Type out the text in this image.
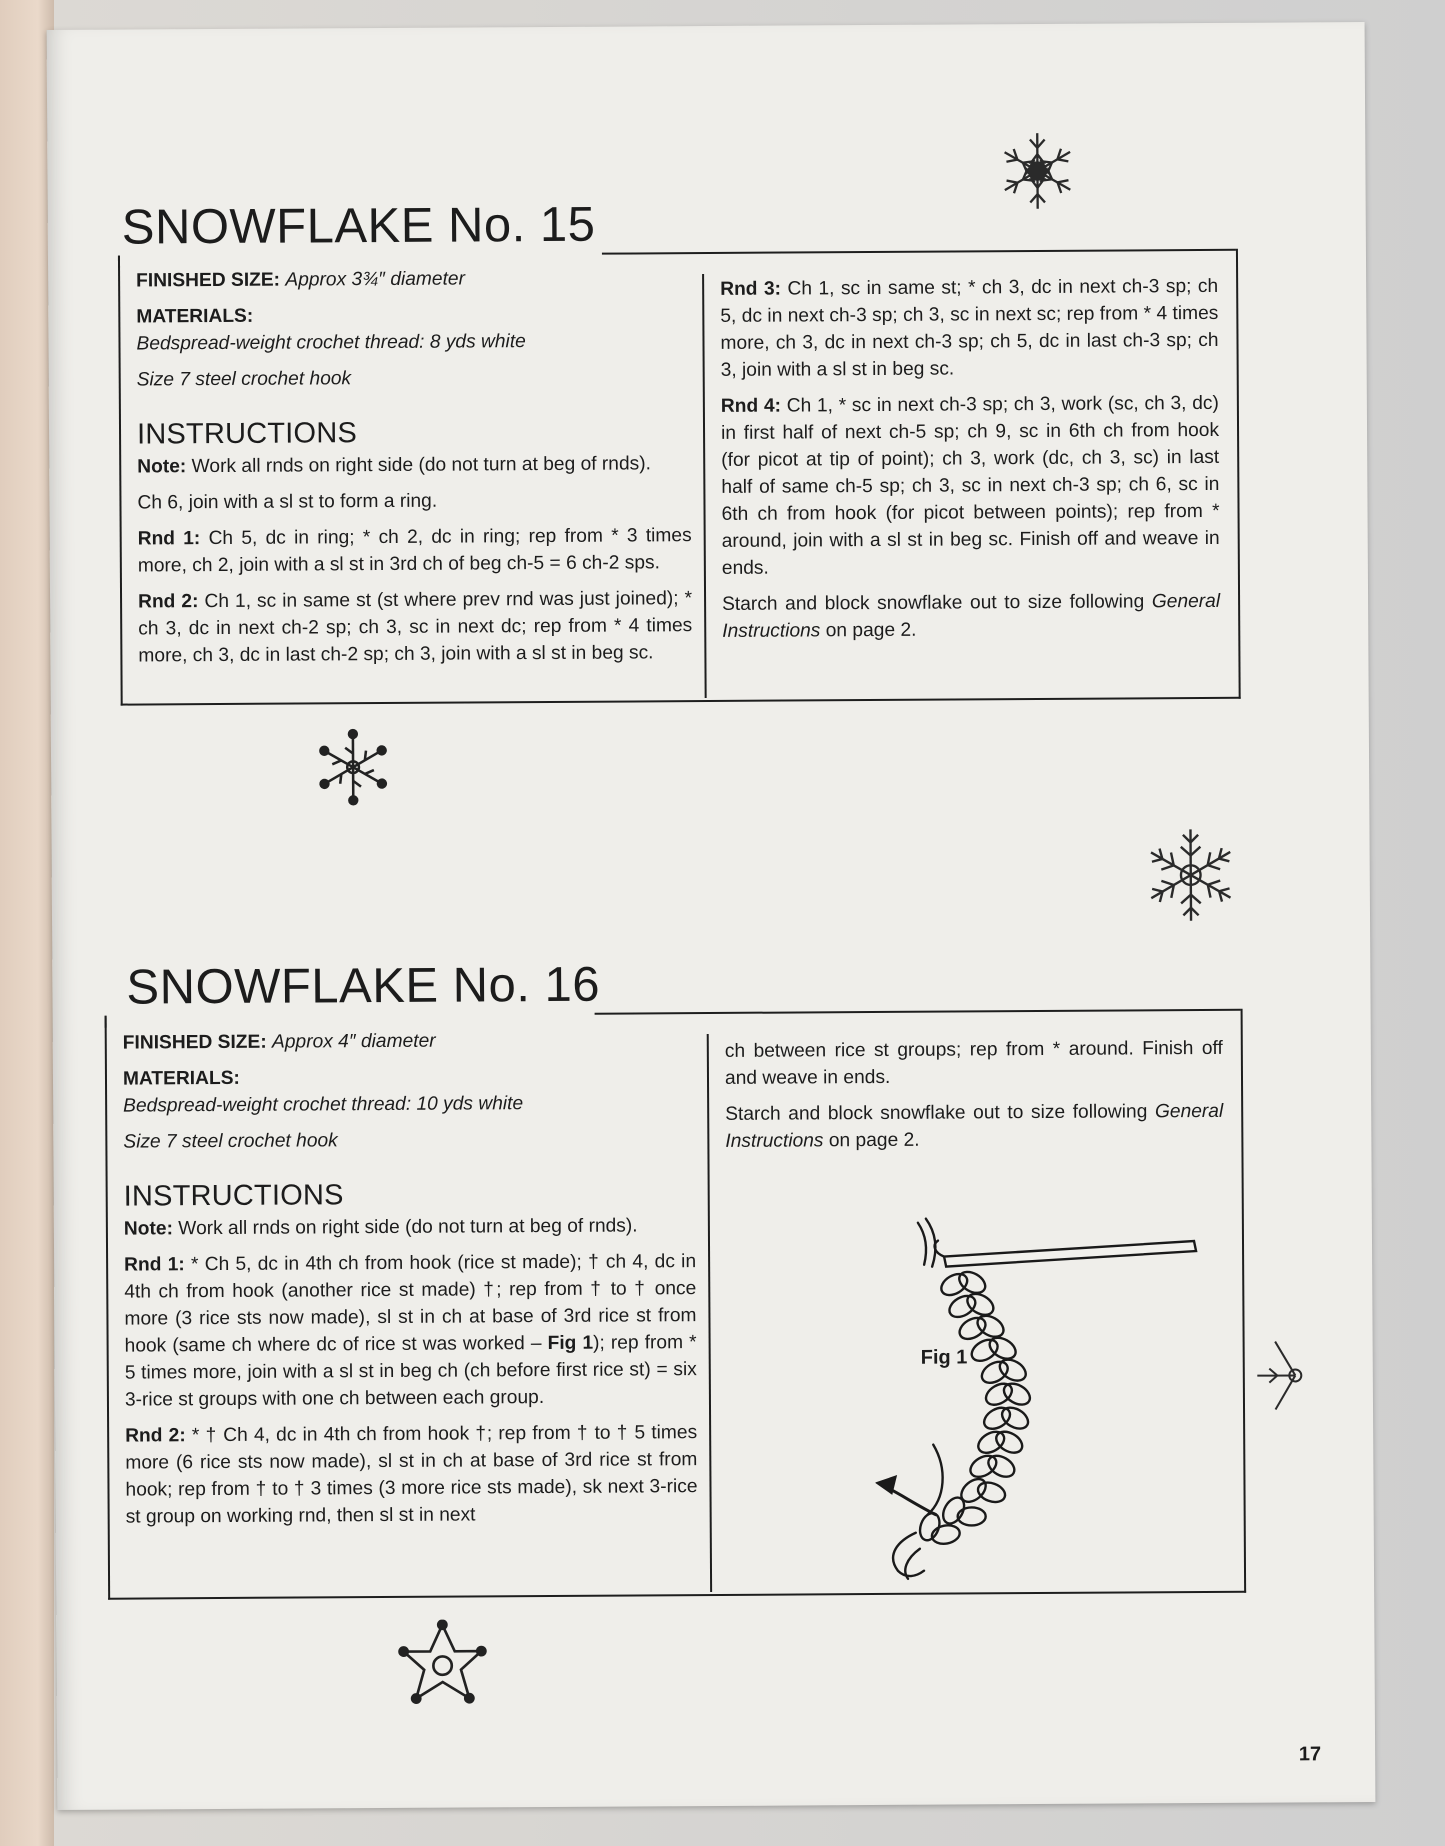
SNOWFLAKE No. 15

FINISHED SIZE: Approx 3¾″ diameter

MATERIALS:

Bedspread-weight crochet thread: 8 yds white

Size 7 steel crochet hook

INSTRUCTIONS

Note: Work all rnds on right side (do not turn at beg of rnds).

Ch 6, join with a sl st to form a ring.

Rnd 1: Ch 5, dc in ring; * ch 2, dc in ring; rep from * 3 times more, ch 2, join with a sl st in 3rd ch of beg ch-5 = 6 ch-2 sps.

Rnd 2: Ch 1, sc in same st (st where prev rnd was just joined); * ch 3, dc in next ch-2 sp; ch 3, sc in next dc; rep from * 4 times more, ch 3, dc in last ch-2 sp; ch 3, join with a sl st in beg sc.

Rnd 3: Ch 1, sc in same st; * ch 3, dc in next ch-3 sp; ch 5, dc in next ch-3 sp; ch 3, sc in next sc; rep from * 4 times more, ch 3, dc in next ch-3 sp; ch 5, dc in last ch-3 sp; ch 3, join with a sl st in beg sc.

Rnd 4: Ch 1, * sc in next ch-3 sp; ch 3, work (sc, ch 3, dc) in first half of next ch-5 sp; ch 9, sc in 6th ch from hook (for picot at tip of point); ch 3, work (dc, ch 3, sc) in last half of same ch-5 sp; ch 3, sc in next ch-3 sp; ch 6, sc in 6th ch from hook (for picot between points); rep from * around, join with a sl st in beg sc. Finish off and weave in ends.

Starch and block snowflake out to size following General Instructions on page 2.

SNOWFLAKE No. 16

FINISHED SIZE: Approx 4″ diameter

MATERIALS:

Bedspread-weight crochet thread: 10 yds white

Size 7 steel crochet hook

INSTRUCTIONS

Note: Work all rnds on right side (do not turn at beg of rnds).

Rnd 1: * Ch 5, dc in 4th ch from hook (rice st made); † ch 4, dc in 4th ch from hook (another rice st made) †; rep from † to † once more (3 rice sts now made), sl st in ch at base of 3rd rice st from hook (same ch where dc of rice st was worked – Fig 1); rep from * 5 times more, join with a sl st in beg ch (ch before first rice st) = six 3-rice st groups with one ch between each group.

Rnd 2: * † Ch 4, dc in 4th ch from hook †; rep from † to † 5 times more (6 rice sts now made), sl st in ch at base of 3rd rice st from hook; rep from † to † 3 times (3 more rice sts made), sk next 3-rice st group on working rnd, then sl st in next

ch between rice st groups; rep from * around. Finish off and weave in ends.

Starch and block snowflake out to size following General Instructions on page 2.

Fig 1
17
